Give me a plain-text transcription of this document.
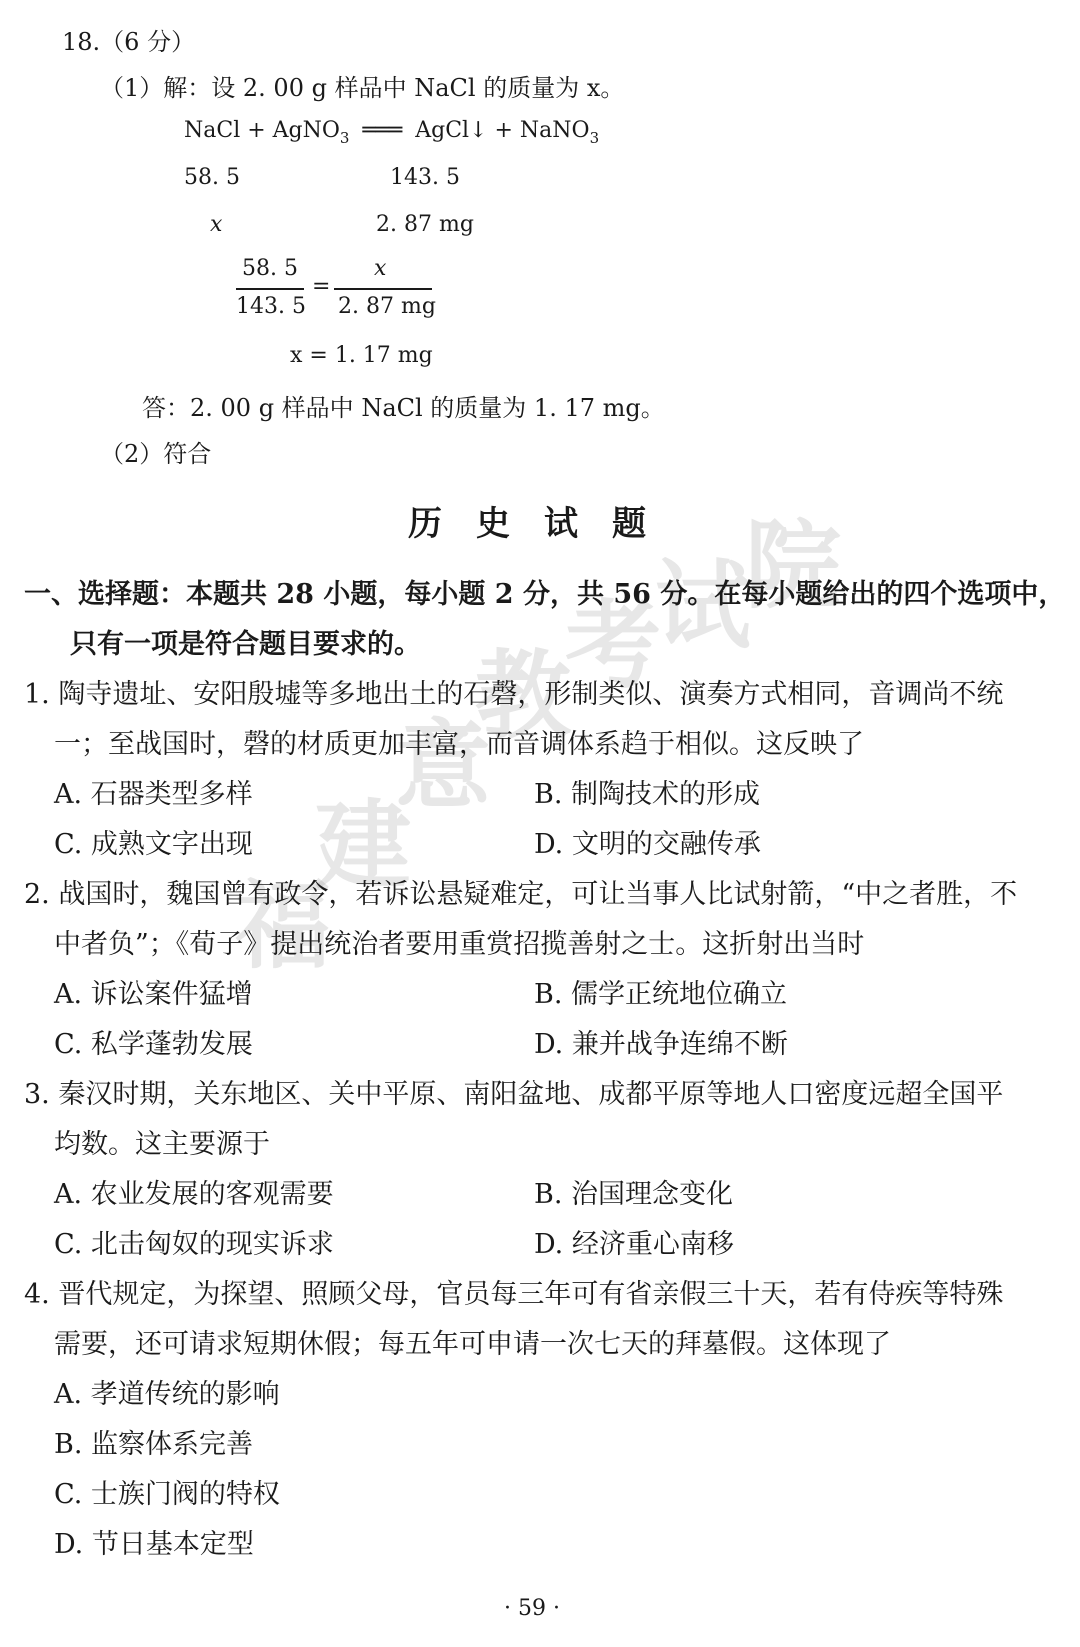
福
建
意
教
考
试
院
18.（6 分）
（1）解：设 2. 00 g 样品中 NaCl 的质量为 x。
NaCl + AgNO$_3$ ═══ AgCl↓ + NaNO$_3$
58. 5	143. 5
x	2. 87 mg
58. 5
143. 5
=
x
2. 87 mg
x = 1. 17 mg
答：2. 00 g 样品中 NaCl 的质量为 1. 17 mg。
（2）符合
历史试题
一、选择题：本题共 28 小题，每小题 2 分，共 56 分。在每小题给出的四个选项中，
只有一项是符合题目要求的。
1. 陶寺遗址、安阳殷墟等多地出土的石磬，形制类似、演奏方式相同，音调尚不统
一；至战国时，磬的材质更加丰富，而音调体系趋于相似。这反映了
A. 石器类型多样	B. 制陶技术的形成
C. 成熟文字出现	D. 文明的交融传承
2. 战国时，魏国曾有政令，若诉讼悬疑难定，可让当事人比试射箭，“中之者胜，不
中者负”；《荀子》提出统治者要用重赏招揽善射之士。这折射出当时
A. 诉讼案件猛增	B. 儒学正统地位确立
C. 私学蓬勃发展	D. 兼并战争连绵不断
3. 秦汉时期，关东地区、关中平原、南阳盆地、成都平原等地人口密度远超全国平
均数。这主要源于
A. 农业发展的客观需要	B. 治国理念变化
C. 北击匈奴的现实诉求	D. 经济重心南移
4. 晋代规定，为探望、照顾父母，官员每三年可有省亲假三十天，若有侍疾等特殊
需要，还可请求短期休假；每五年可申请一次七天的拜墓假。这体现了
A. 孝道传统的影响
B. 监察体系完善
C. 士族门阀的特权
D. 节日基本定型
· 59 ·
